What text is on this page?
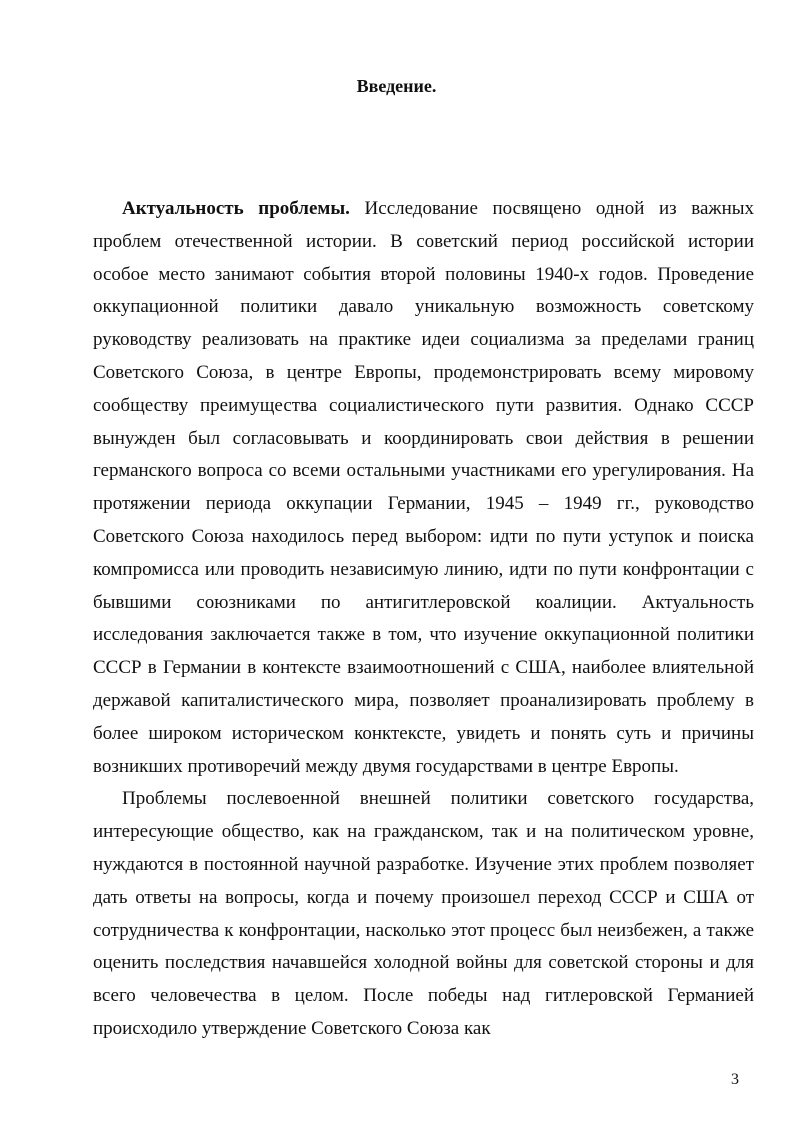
Введение.

Актуальность проблемы. Исследование посвящено одной из важных проблем отечественной истории. В советский период российской истории особое место занимают события второй половины 1940-х годов. Проведение оккупационной политики давало уникальную возможность советскому руководству реализовать на практике идеи социализма за пределами границ Советского Союза, в центре Европы, продемонстрировать всему мировому сообществу преимущества социалистического пути развития. Однако СССР вынужден был согласовывать и координировать свои действия в решении германского вопроса со всеми остальными участниками его урегулирования. На протяжении периода оккупации Германии, 1945 – 1949 гг., руководство Советского Союза находилось перед выбором: идти по пути уступок и поиска компромисса или проводить независимую линию, идти по пути конфронтации с бывшими союзниками по антигитлеровской коалиции. Актуальность исследования заключается также в том, что изучение оккупационной политики СССР в Германии в контексте взаимоотношений с США, наиболее влиятельной державой капиталистического мира, позволяет проанализировать проблему в более широком историческом конктексте, увидеть и понять суть и причины возникших противоречий между двумя государствами в центре Европы.

Проблемы послевоенной внешней политики советского государства, интересующие общество, как на гражданском, так и на политическом уровне, нуждаются в постоянной научной разработке. Изучение этих проблем позволяет дать ответы на вопросы, когда и почему произошел переход СССР и США от сотрудничества к конфронтации, насколько этот процесс был неизбежен, а также оценить последствия начавшейся холодной войны для советской стороны и для всего человечества в целом. После победы над гитлеровской Германией происходило утверждение Советского Союза как

3
